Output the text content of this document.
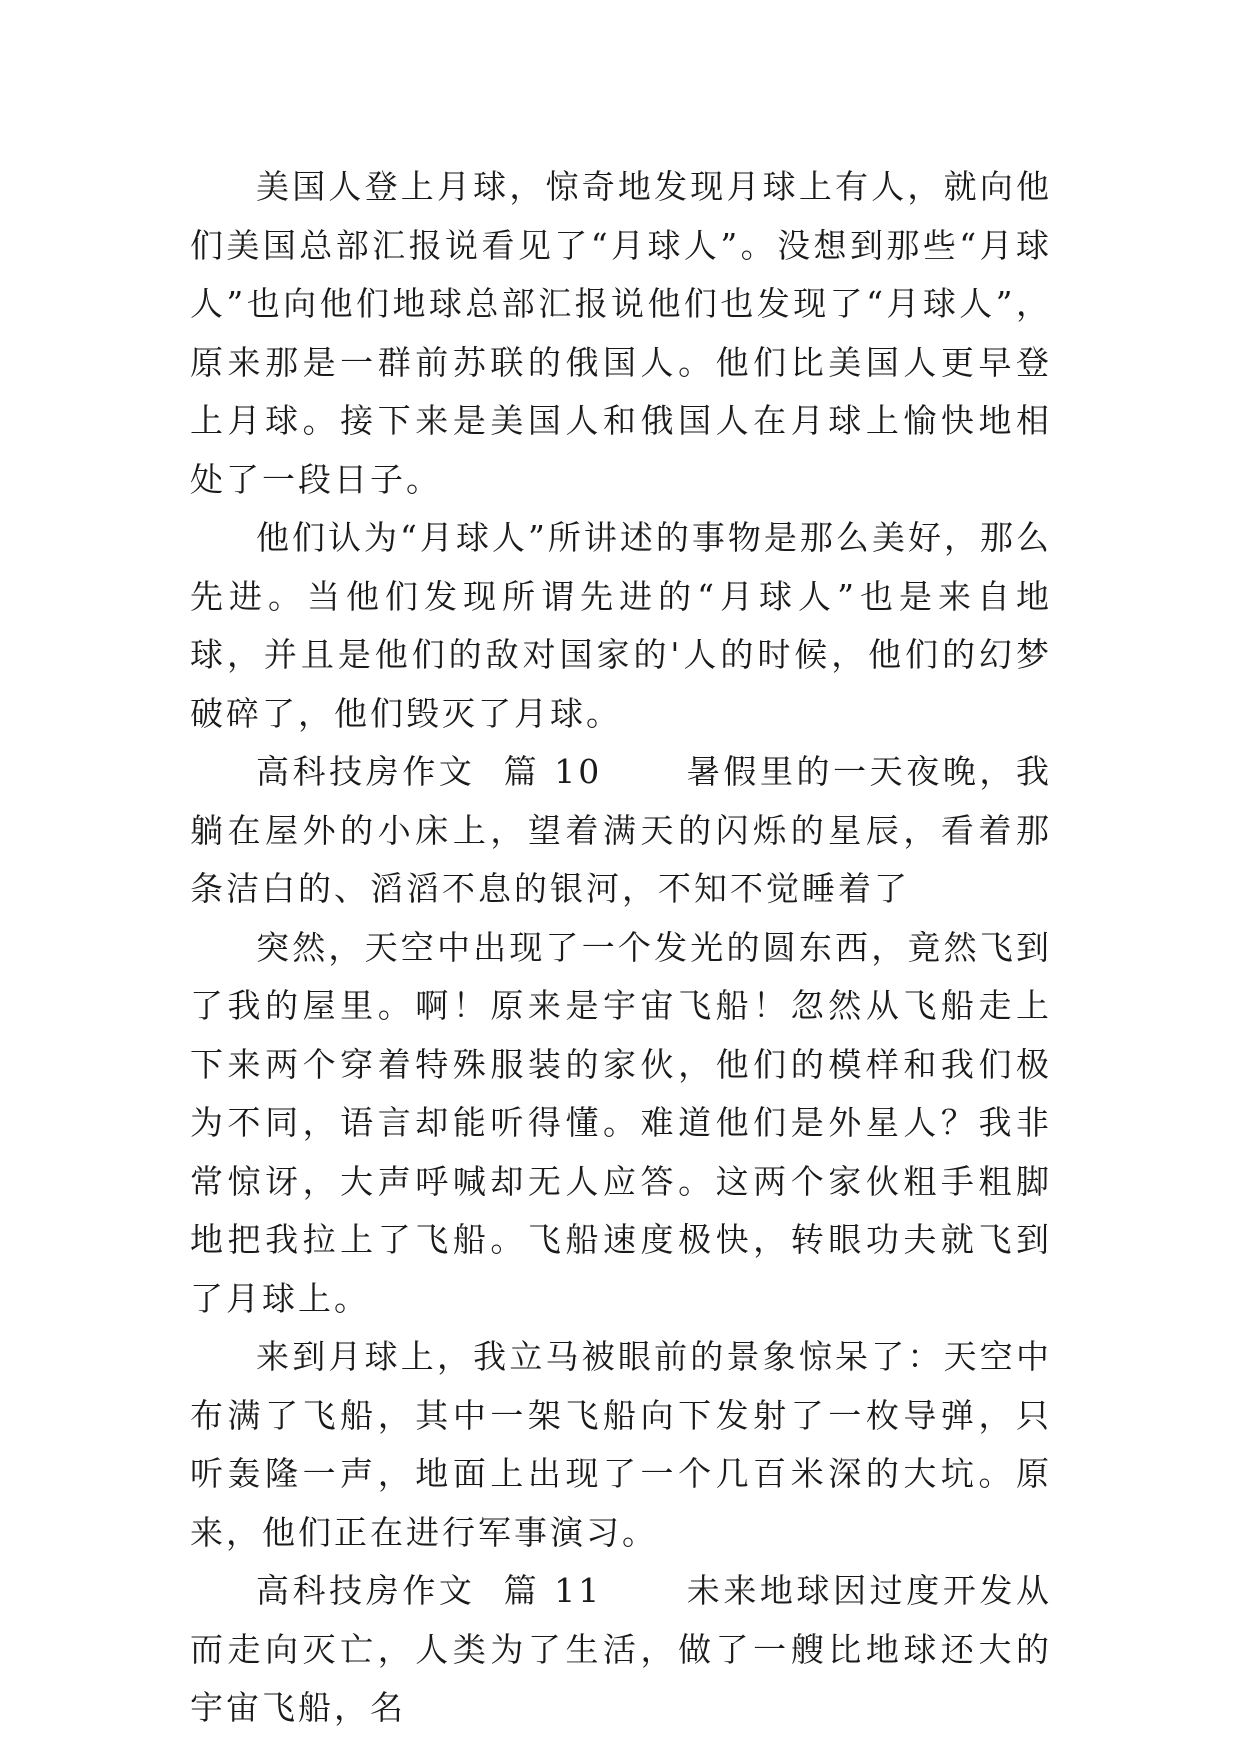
美国人登上月球，惊奇地发现月球上有人，就向他们美国总部汇报说看见了“月球人”。没想到那些“月球人”也向他们地球总部汇报说他们也发现了“月球人”，原来那是一群前苏联的俄国人。他们比美国人更早登上月球。接下来是美国人和俄国人在月球上愉快地相处了一段日子。

他们认为“月球人”所讲述的事物是那么美好，那么先进。当他们发现所谓先进的“月球人”也是来自地球，并且是他们的敌对国家的'人的时候，他们的幻梦破碎了，他们毁灭了月球。

高科技房作文  篇 10      暑假里的一天夜晚，我躺在屋外的小床上，望着满天的闪烁的星辰，看着那条洁白的、滔滔不息的银河，不知不觉睡着了

突然，天空中出现了一个发光的圆东西，竟然飞到了我的屋里。啊！原来是宇宙飞船！忽然从飞船走上下来两个穿着特殊服装的家伙，他们的模样和我们极为不同，语言却能听得懂。难道他们是外星人？我非常惊讶，大声呼喊却无人应答。这两个家伙粗手粗脚地把我拉上了飞船。飞船速度极快，转眼功夫就飞到了月球上。

来到月球上，我立马被眼前的景象惊呆了：天空中布满了飞船，其中一架飞船向下发射了一枚导弹，只听轰隆一声，地面上出现了一个几百米深的大坑。原来，他们正在进行军事演习。

高科技房作文  篇 11      未来地球因过度开发从而走向灭亡，人类为了生活，做了一艘比地球还大的宇宙飞船，名
